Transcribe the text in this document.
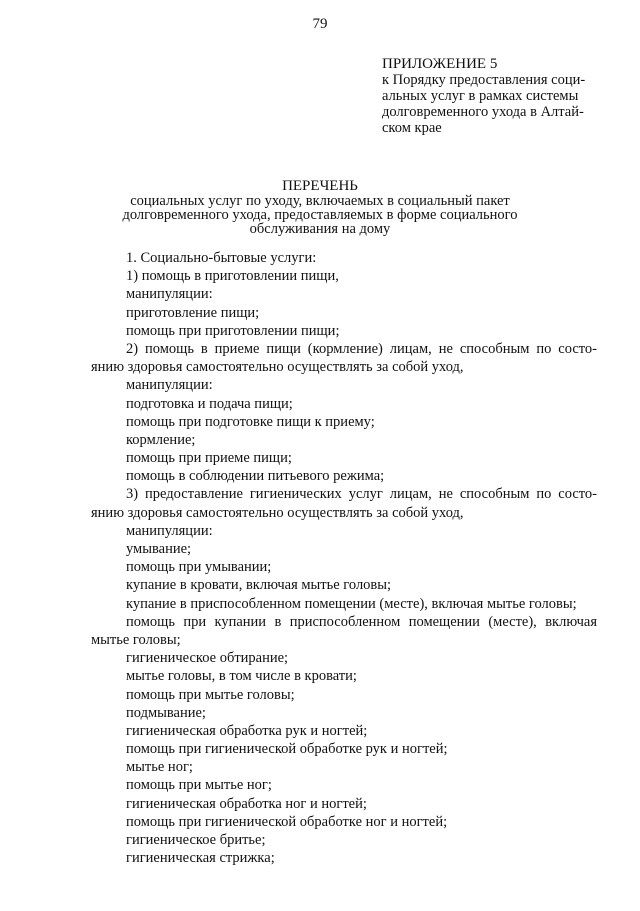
79
ПРИЛОЖЕНИЕ 5
к Порядку предоставления соци-
альных услуг в рамках системы
долговременного ухода в Алтай-
ском крае
ПЕРЕЧЕНЬ
социальных услуг по уходу, включаемых в социальный пакет
долговременного ухода, предоставляемых в форме социального
обслуживания на дому
1. Социально-бытовые услуги:
1) помощь в приготовлении пищи,
манипуляции:
приготовление пищи;
помощь при приготовлении пищи;
2) помощь в приеме пищи (кормление) лицам, не способным по состо-
янию здоровья самостоятельно осуществлять за собой уход,
манипуляции:
подготовка и подача пищи;
помощь при подготовке пищи к приему;
кормление;
помощь при приеме пищи;
помощь в соблюдении питьевого режима;
3) предоставление гигиенических услуг лицам, не способным по состо-
янию здоровья самостоятельно осуществлять за собой уход,
манипуляции:
умывание;
помощь при умывании;
купание в кровати, включая мытье головы;
купание в приспособленном помещении (месте), включая мытье головы;
помощь при купании в приспособленном помещении (месте), включая
мытье головы;
гигиеническое обтирание;
мытье головы, в том числе в кровати;
помощь при мытье головы;
подмывание;
гигиеническая обработка рук и ногтей;
помощь при гигиенической обработке рук и ногтей;
мытье ног;
помощь при мытье ног;
гигиеническая обработка ног и ногтей;
помощь при гигиенической обработке ног и ногтей;
гигиеническое бритье;
гигиеническая стрижка;
